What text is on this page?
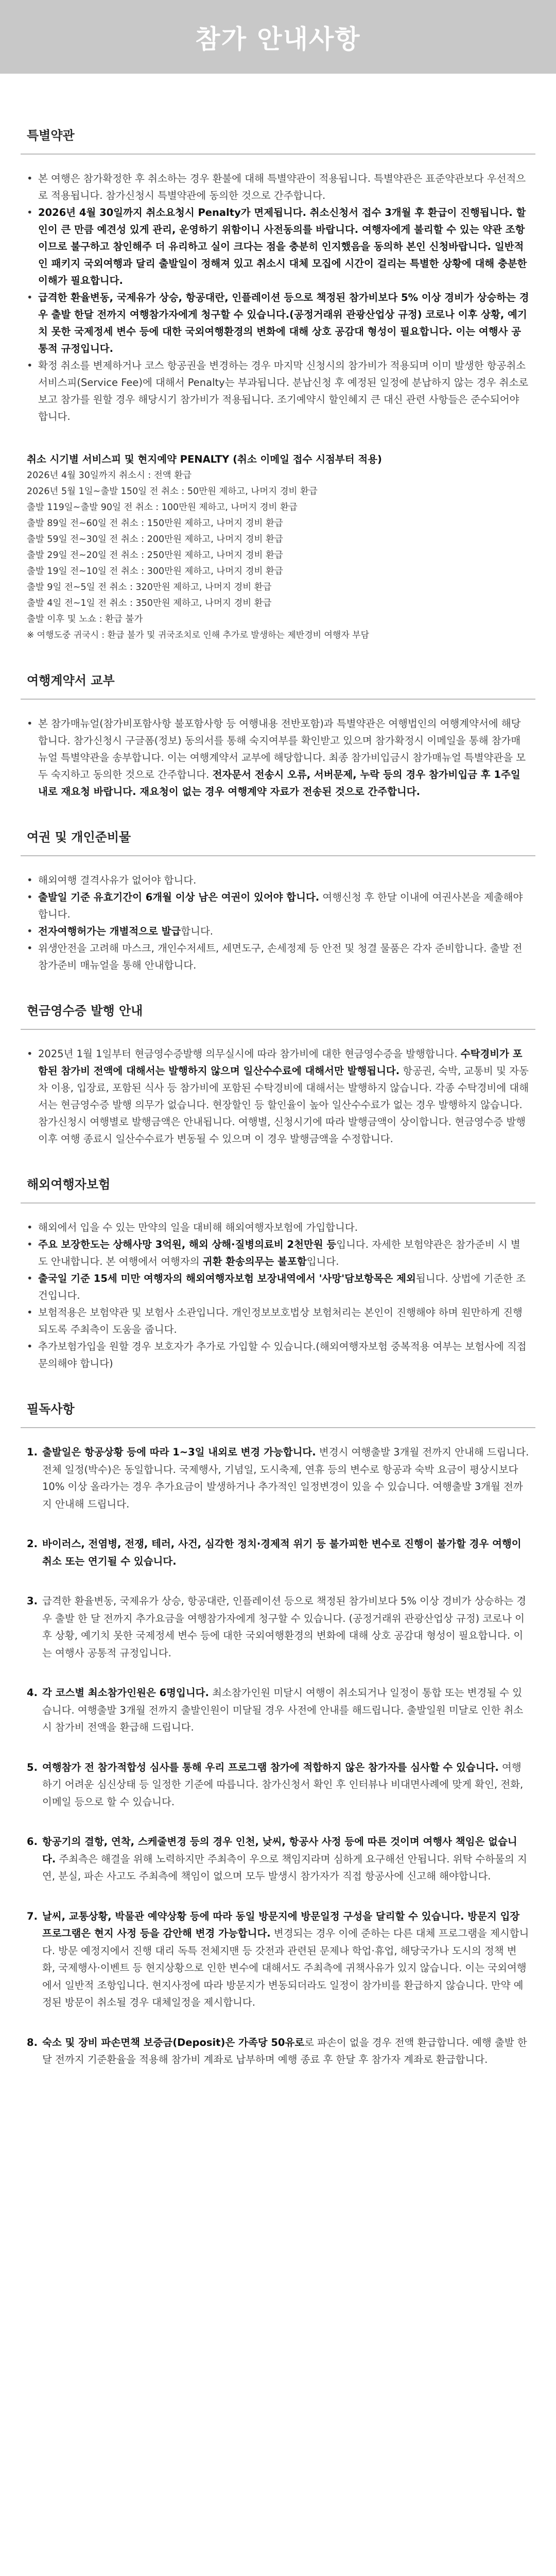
참가 안내사항
특별약관
• 본 여행은 참가확정한 후 취소하는 경우 환불에 대해 특별약관이 적용됩니다. 특별약관은 표준약관보다 우선적으로 적용됩니다. 참가신청시 특별약관에 동의한 것으로 간주합니다.
• 2026년 4월 30일까지 취소요청시 Penalty가 면제됩니다. 취소신청서 접수 3개월 후 환급이 진행됩니다. 할인이 큰 만큼 예견성 있게 관리, 운영하기 위함이니 사전동의를 바랍니다. 여행자에게 불리할 수 있는 약관 조항이므로 불구하고 참인해주 더 유리하고 실이 크다는 점을 충분히 인지했음을 동의하 본인 신청바랍니다. 일반적인 패키지 국외여행과 달리 출발일이 정해져 있고 취소시 대체 모집에 시간이 걸리는 특별한 상황에 대해 충분한 이해가 필요합니다.
• 급격한 환율변동, 국제유가 상승, 항공대란, 인플레이션 등으로 책정된 참가비보다 5% 이상 경비가 상승하는 경우 출발 한달 전까지 여행참가자에게 청구할 수 있습니다.(공정거래위 관광산업상 규정) 코로나 이후 상황, 예기치 못한 국제정세 변수 등에 대한 국외여행환경의 변화에 대해 상호 공감대 형성이 필요합니다. 이는 여행사 공통적 규정입니다.
• 확정 취소를 변제하거나 코스 항공권을 변경하는 경우 마지막 신청시의 참가비가 적용되며 이미 발생한 항공취소 서비스피(Service Fee)에 대해서 Penalty는 부과됩니다. 분납신청 후 예정된 일정에 분납하지 않는 경우 취소로 보고 참가를 원할 경우 해당시기 참가비가 적용됩니다. 조기예약시 할인혜지 큰 대신 관련 사항들은 준수되어야 합니다.
취소 시기별 서비스피 및 현지예약 PENALTY (취소 이메일 접수 시점부터 적용)
2026년 4월 30일까지 취소시 : 전액 환급
2026년 5월 1일~출발 150일 전 취소 : 50만원 제하고, 나머지 경비 환급
출발 119일~출발 90일 전 취소 : 100만원 제하고, 나머지 경비 환급
출발 89일 전~60일 전 취소 : 150만원 제하고, 나머지 경비 환급
출발 59일 전~30일 전 취소 : 200만원 제하고, 나머지 경비 환급
출발 29일 전~20일 전 취소 : 250만원 제하고, 나머지 경비 환급
출발 19일 전~10일 전 취소 : 300만원 제하고, 나머지 경비 환급
출발 9일 전~5일 전 취소 : 320만원 제하고, 나머지 경비 환급
출발 4일 전~1일 전 취소 : 350만원 제하고, 나머지 경비 환급
출발 이후 및 노쇼 : 환급 불가
※ 여행도중 귀국시 : 환급 불가 및 귀국조치로 인해 추가로 발생하는 제반경비 여행자 부담
여행계약서 교부
• 본 참가매뉴얼(참가비포함사항 불포함사항 등 여행내용 전반포함)과 특별약관은 여행법인의 여행계약서에 해당합니다. 참가신청시 구글폼(정보) 동의서를 통해 숙지여부를 확인받고 있으며 참가확정시 이메일을 통해 참가매뉴얼 특별약관을 송부합니다. 이는 여행계약서 교부에 해당합니다. 최종 참가비입금시 참가매뉴얼 특별약관을 모두 숙지하고 동의한 것으로 간주합니다. 전자문서 전송시 오류, 서버문제, 누락 등의 경우 참가비입금 후 1주일 내로 재요청 바랍니다. 재요청이 없는 경우 여행계약 자료가 전송된 것으로 간주합니다.
여권 및 개인준비물
• 해외여행 결격사유가 없어야 합니다.
• 출발일 기준 유효기간이 6개월 이상 남은 여권이 있어야 합니다. 여행신청 후 한달 이내에 여권사본을 제출해야 합니다.
• 전자여행허가는 개별적으로 발급합니다.
• 위생안전을 고려해 마스크, 개인수저세트, 세면도구, 손세정제 등 안전 및 청결 물품은 각자 준비합니다. 출발 전 참가준비 매뉴얼을 통해 안내합니다.
현금영수증 발행 안내
• 2025년 1월 1일부터 현금영수증발행 의무실시에 따라 참가비에 대한 현금영수증을 발행합니다. 수탁경비가 포함된 참가비 전액에 대해서는 발행하지 않으며 일산수수료에 대해서만 발행됩니다. 항공권, 숙박, 교통비 및 자동차 이용, 입장료, 포함된 식사 등 참가비에 포함된 수탁경비에 대해서는 발행하지 않습니다. 각종 수탁경비에 대해서는 현금영수증 발행 의무가 없습니다. 현장할인 등 할인율이 높아 일산수수료가 없는 경우 발행하지 않습니다. 참가신청시 여행별로 발행금액은 안내됩니다. 여행별, 신청시기에 따라 발행금액이 상이합니다. 현금영수증 발행 이후 여행 종료시 일산수수료가 변동될 수 있으며 이 경우 발행금액을 수정합니다.
해외여행자보험
• 해외에서 입을 수 있는 만약의 일을 대비해 해외여행자보험에 가입합니다.
• 주요 보장한도는 상해사망 3억원, 해외 상해·질병의료비 2천만원 등입니다. 자세한 보험약관은 참가준비 시 별도 안내합니다. 본 여행에서 여행자의 귀환 환송의무는 불포함입니다.
• 출국일 기준 15세 미만 여행자의 해외여행자보험 보장내역에서 '사망'담보항목은 제외됩니다. 상법에 기준한 조건입니다.
• 보험적용은 보험약관 및 보험사 소관입니다. 개인정보보호법상 보험처리는 본인이 진행해야 하며 원만하게 진행되도록 주최측이 도움을 줍니다.
• 추가보험가입을 원할 경우 보호자가 추가로 가입할 수 있습니다.(해외여행자보험 중복적용 여부는 보험사에 직접 문의해야 합니다)
필독사항
1. 출발일은 항공상황 등에 따라 1~3일 내외로 변경 가능합니다. 변경시 여행출발 3개월 전까지 안내해 드립니다. 전체 일정(박수)은 동일합니다. 국제행사, 기념일, 도시축제, 연휴 등의 변수로 항공과 숙박 요금이 평상시보다 10% 이상 올라가는 경우 추가요금이 발생하거나 추가적인 일정변경이 있을 수 있습니다. 여행출발 3개월 전까지 안내해 드립니다.
2. 바이러스, 전염병, 전쟁, 테러, 사건, 심각한 정치·경제적 위기 등 불가피한 변수로 진행이 불가할 경우 여행이 취소 또는 연기될 수 있습니다.
3. 급격한 환율변동, 국제유가 상승, 항공대란, 인플레이션 등으로 책정된 참가비보다 5% 이상 경비가 상승하는 경우 출발 한 달 전까지 추가요금을 여행참가자에게 청구할 수 있습니다. (공정거래위 관광산업상 규정) 코로나 이후 상황, 예기치 못한 국제정세 변수 등에 대한 국외여행환경의 변화에 대해 상호 공감대 형성이 필요합니다. 이는 여행사 공통적 규정입니다.
4. 각 코스별 최소참가인원은 6명입니다. 최소참가인원 미달시 여행이 취소되거나 일정이 통합 또는 변경될 수 있습니다. 여행출발 3개월 전까지 출발인원이 미달될 경우 사전에 안내를 해드립니다. 출발일원 미달로 인한 취소시 참가비 전액을 환급해 드립니다.
5. 여행참가 전 참가적합성 심사를 통해 우리 프로그램 참가에 적합하지 않은 참가자를 심사할 수 있습니다. 여행하기 어려운 심신상태 등 일정한 기준에 따릅니다. 참가신청서 확인 후 인터뷰나 비대면사례에 맞게 확인, 전화, 이메일 등으로 할 수 있습니다.
6. 항공기의 결항, 연착, 스케줄변경 등의 경우 인천, 낮씨, 항공사 사정 등에 따른 것이며 여행사 책임은 없습니다. 주최측은 해결을 위해 노력하지만 주최측이 우으로 책임지라며 심하게 요구해선 안됩니다. 위탁 수하물의 지연, 분실, 파손 사고도 주최측에 책임이 없으며 모두 발생시 참가자가 직접 항공사에 신고해 해야합니다.
7. 날씨, 교통상황, 박물관 예약상황 등에 따라 동일 방문지에 방문일정 구성을 달리할 수 있습니다. 방문지 입장 프로그램은 현지 사정 등을 감안해 변경 가능합니다. 변경되는 경우 이에 준하는 다른 대체 프로그램을 제시합니다. 방문 예정지에서 진행 대리 독특 전체지맨 등 갓전과 관련된 문제나 학업·휴업, 해당국가나 도시의 정책 변화, 국제행사·이벤트 등 현지상황으로 인한 변수에 대해서도 주최측에 귀책사유가 있지 않습니다. 이는 국외여행에서 일반적 조항입니다. 현지사정에 따라 방문지가 변동되더라도 일정이 참가비를 환급하지 않습니다. 만약 예정된 방문이 취소될 경우 대체일정을 제시합니다.
8. 숙소 및 장비 파손면책 보증금(Deposit)은 가족당 50유로로 파손이 없을 경우 전액 환급합니다. 예행 출발 한달 전까지 기준환율을 적용해 참가비 계좌로 납부하며 예행 종료 후 한달 후 참가자 계좌로 환급합니다.
